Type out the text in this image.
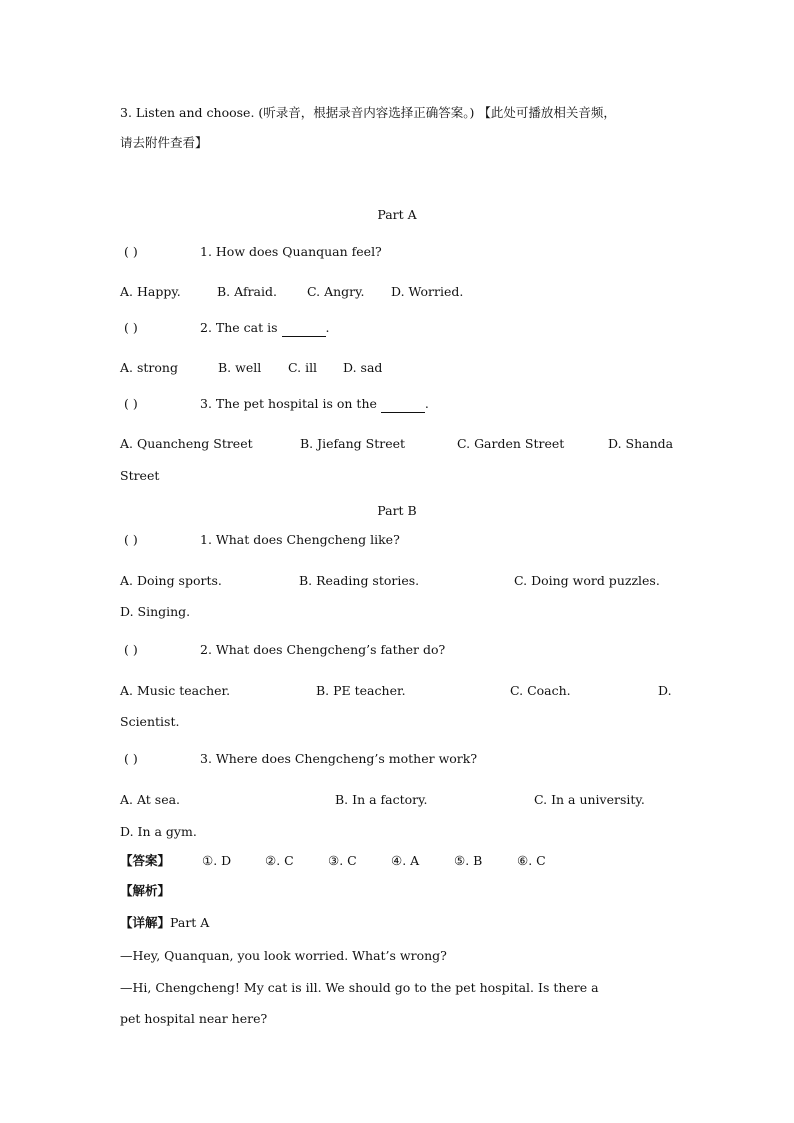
3. Listen and choose. (听录音，根据录音内容选择正确答案。) 【此处可播放相关音频，
请去附件查看】
Part A
( )	1. How does Quanquan feel?
A. Happy.	B. Afraid. C. Angry. D. Worried.
( )	2. The cat is	.
A. strong	B. well C. ill D. sad
( )	3. The pet hospital is on the	.
A. Quancheng Street	B. Jiefang Street	C. Garden Street	D. Shanda
Street
Part B
( )	1. What does Chengcheng like?
A. Doing sports.	B. Reading stories.	C. Doing word puzzles.
D. Singing.
( )	2. What does Chengcheng’s father do?
A. Music teacher.	B. PE teacher.	C. Coach.	D.
Scientist.
( )	3. Where does Chengcheng’s mother work?
A. At sea.	B. In a factory.	C. In a university.
D. In a gym.
【答案】	①. D	②. C	③. C	④. A	⑤. B	⑥. C
【解析】
【详解】Part A
—Hey, Quanquan, you look worried. What’s wrong?
—Hi, Chengcheng! My cat is ill. We should go to the pet hospital. Is there a
pet hospital near here?
